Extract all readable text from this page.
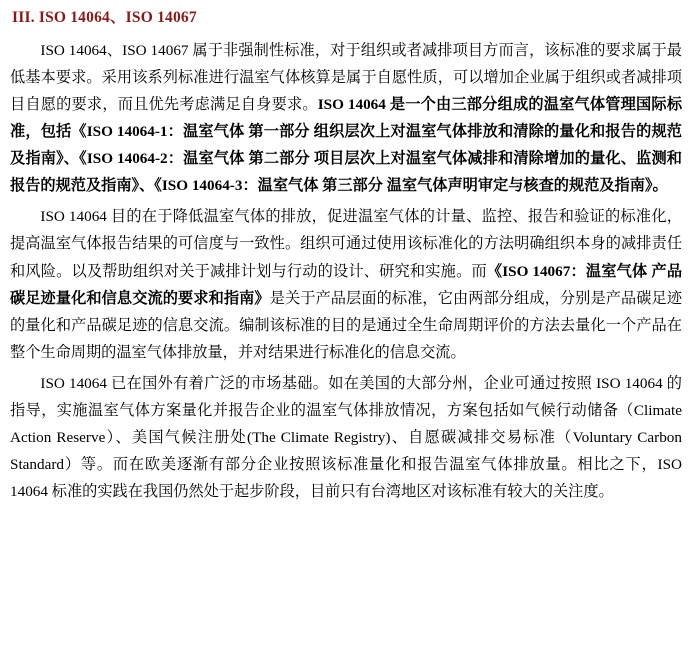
III. ISO 14064、ISO 14067

ISO 14064、ISO 14067 属于非强制性标准，对于组织或者减排项目方而言，该标准的要求属于最低基本要求。采用该系列标准进行温室气体核算是属于自愿性质，可以增加企业属于组织或者减排项目自愿的要求，而且优先考虑满足自身要求。ISO 14064 是一个由三部分组成的温室气体管理国际标准，包括《ISO 14064-1：温室气体 第一部分 组织层次上对温室气体排放和清除的量化和报告的规范及指南》、《ISO 14064-2：温室气体 第二部分 项目层次上对温室气体减排和清除增加的量化、监测和报告的规范及指南》、《ISO 14064-3：温室气体 第三部分 温室气体声明审定与核查的规范及指南》。

ISO 14064 目的在于降低温室气体的排放，促进温室气体的计量、监控、报告和验证的标准化，提高温室气体报告结果的可信度与一致性。组织可通过使用该标准化的方法明确组织本身的减排责任和风险。以及帮助组织对关于减排计划与行动的设计、研究和实施。而《ISO 14067：温室气体 产品碳足迹量化和信息交流的要求和指南》是关于产品层面的标准，它由两部分组成，分别是产品碳足迹的量化和产品碳足迹的信息交流。编制该标准的目的是通过全生命周期评价的方法去量化一个产品在整个生命周期的温室气体排放量，并对结果进行标准化的信息交流。

ISO 14064 已在国外有着广泛的市场基础。如在美国的大部分州，企业可通过按照 ISO 14064 的指导，实施温室气体方案量化并报告企业的温室气体排放情况，方案包括如气候行动储备（Climate Action Reserve）、美国气候注册处(The Climate Registry)、自愿碳减排交易标准（Voluntary Carbon Standard）等。而在欧美逐渐有部分企业按照该标准量化和报告温室气体排放量。相比之下，ISO 14064 标准的实践在我国仍然处于起步阶段，目前只有台湾地区对该标准有较大的关注度。
